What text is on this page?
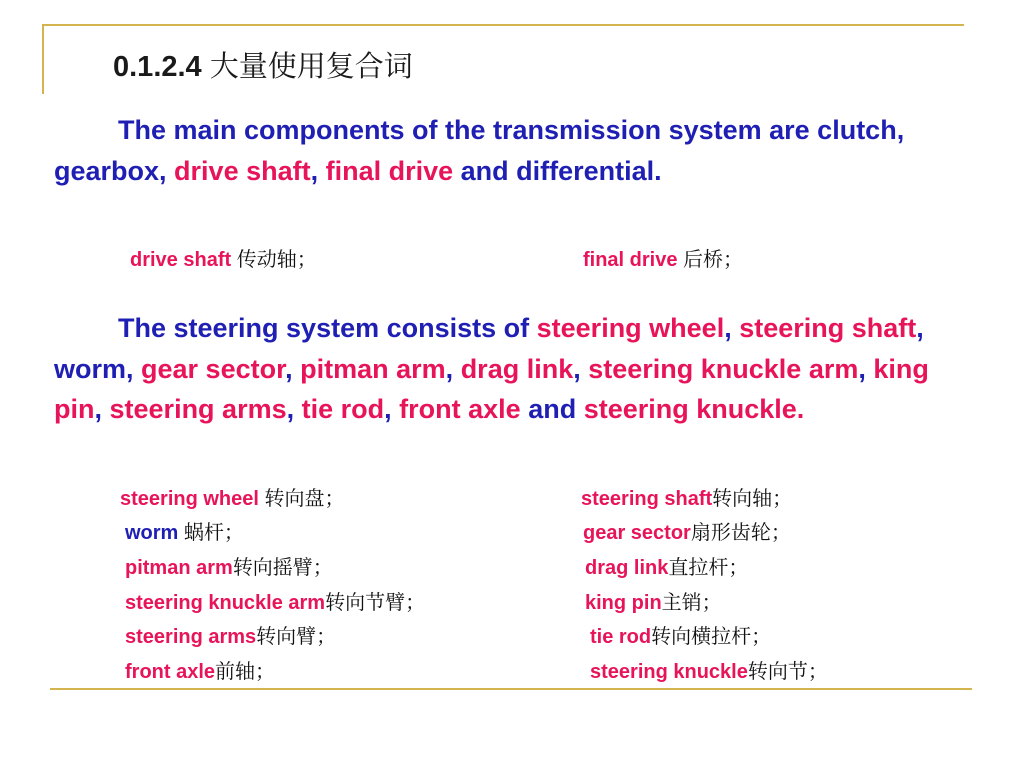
0.1.2.4 大量使用复合词
The main components of the transmission system are clutch, gearbox, drive shaft, final drive and differential.
drive shaft 传动轴；	final drive 后桥；
The steering system consists of steering wheel, steering shaft, worm, gear sector, pitman arm, drag link, steering knuckle arm, king pin, steering arms, tie rod, front axle and steering knuckle.
steering wheel 转向盘；
worm 蜗杆；
pitman arm转向摇臂；
steering knuckle arm转向节臂；
steering arms转向臂；
front axle前轴；
steering shaft转向轴；
gear sector扇形齿轮；
drag link直拉杆；
king pin主销；
tie rod转向横拉杆；
steering knuckle转向节；
